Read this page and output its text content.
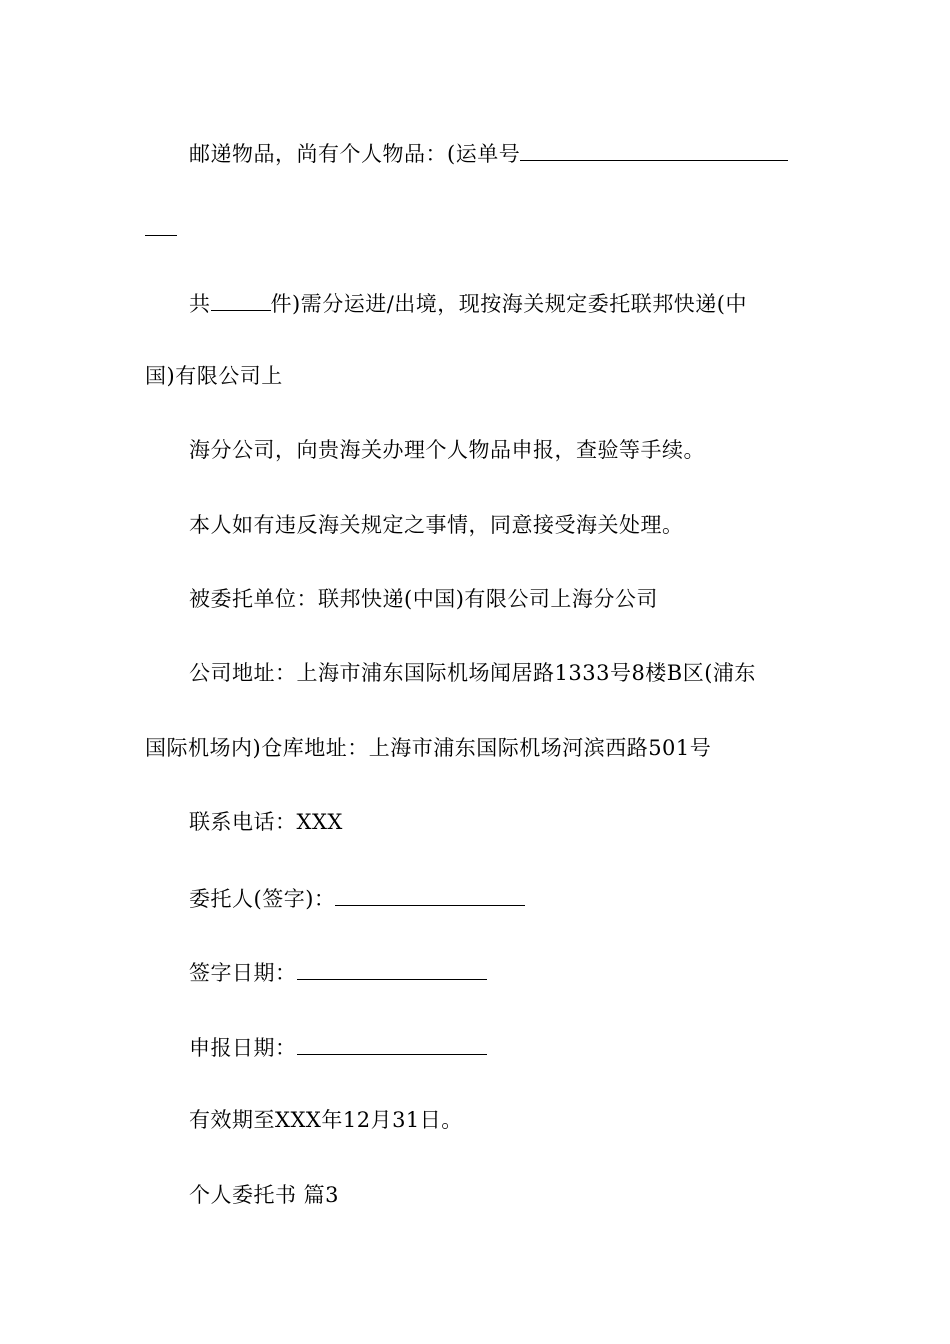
邮递物品，尚有个人物品：(运单号
共	件)需分运进/出境，现按海关规定委托联邦快递(中
国)有限公司上
海分公司，向贵海关办理个人物品申报，查验等手续。
本人如有违反海关规定之事情，同意接受海关处理。
被委托单位：联邦快递(中国)有限公司上海分公司
公司地址：上海市浦东国际机场闻居路1333号8楼B区(浦东
国际机场内)仓库地址：上海市浦东国际机场河滨西路501号
联系电话：XXX
委托人(签字)：
签字日期：
申报日期：
有效期至XXX年12月31日。
个人委托书 篇3
